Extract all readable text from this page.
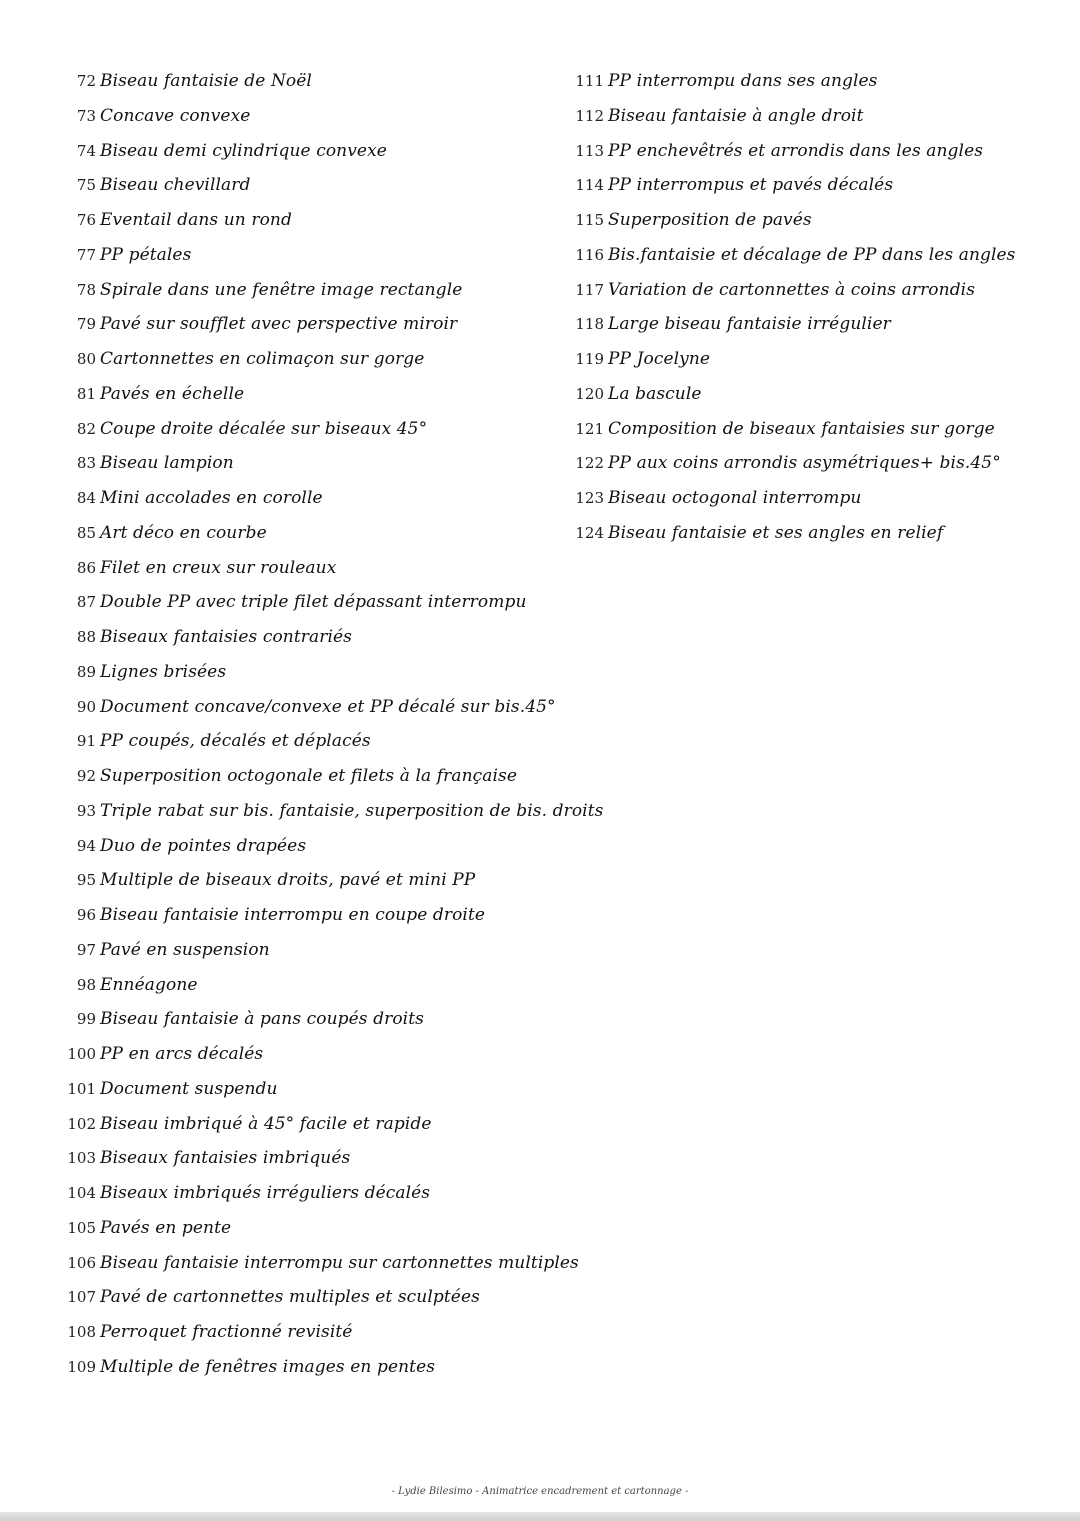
72 Biseau fantaisie de Noël
73 Concave convexe
74 Biseau demi cylindrique convexe
75 Biseau chevillard
76 Eventail dans un rond
77 PP pétales
78 Spirale dans une fenêtre image rectangle
79 Pavé sur soufflet avec perspective miroir
80 Cartonnettes en colimaçon sur gorge
81 Pavés en échelle
82 Coupe droite décalée sur biseaux 45°
83 Biseau lampion
84 Mini accolades en corolle
85 Art déco en courbe
86 Filet en creux sur rouleaux
87 Double PP avec triple filet dépassant interrompu
88 Biseaux fantaisies contrariés
89 Lignes brisées
90 Document concave/convexe et PP décalé sur bis.45°
91 PP coupés, décalés et déplacés
92 Superposition octogonale et filets à la française
93 Triple rabat sur bis. fantaisie, superposition de bis. droits
94 Duo de pointes drapées
95 Multiple de biseaux droits, pavé et mini PP
96 Biseau fantaisie interrompu en coupe droite
97 Pavé en suspension
98 Ennéagone
99 Biseau fantaisie à pans coupés droits
100 PP en arcs décalés
101 Document suspendu
102 Biseau imbriqué à 45° facile et rapide
103 Biseaux fantaisies imbriqués
104 Biseaux imbriqués irréguliers décalés
105 Pavés en pente
106 Biseau fantaisie interrompu sur cartonnettes multiples
107 Pavé de cartonnettes multiples et sculptées
108 Perroquet fractionné revisité
109 Multiple de fenêtres images en pentes
111 PP interrompu dans ses angles
112 Biseau fantaisie à angle droit
113 PP enchevêtrés et arrondis dans les angles
114 PP interrompus et pavés décalés
115 Superposition de pavés
116 Bis.fantaisie et décalage de PP dans les angles
117 Variation de cartonnettes à coins arrondis
118 Large biseau fantaisie irrégulier
119 PP Jocelyne
120 La bascule
121 Composition de biseaux fantaisies sur gorge
122 PP aux coins arrondis asymétriques+ bis.45°
123 Biseau octogonal interrompu
124 Biseau fantaisie et ses angles en relief
- Lydie Bilesimo - Animatrice encadrement et cartonnage -
